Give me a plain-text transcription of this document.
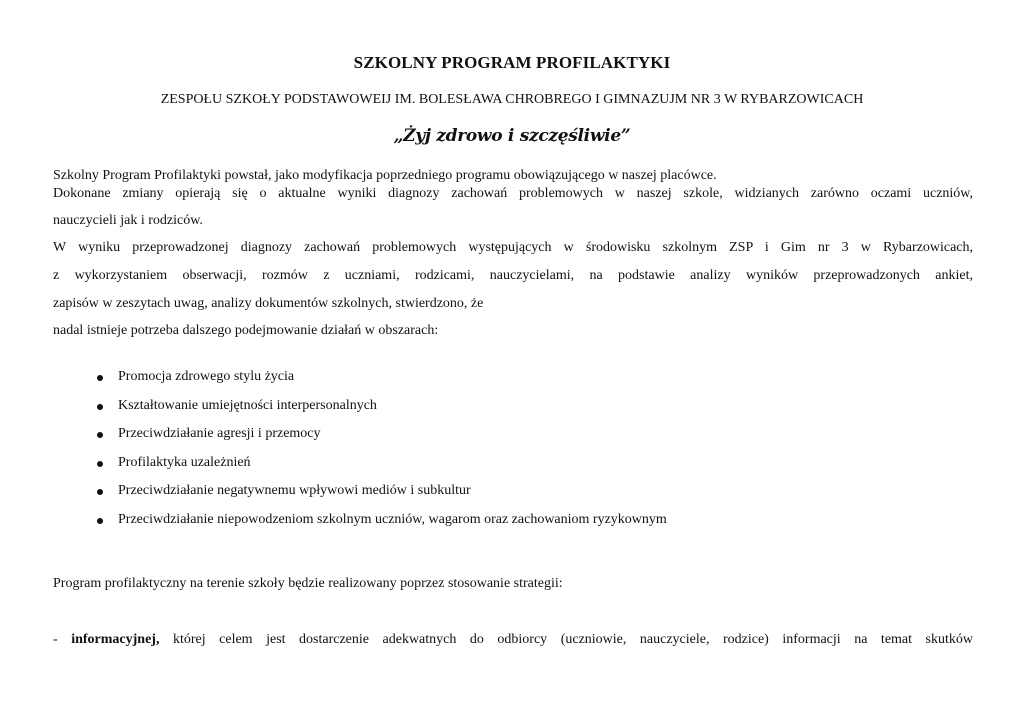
SZKOLNY PROGRAM PROFILAKTYKI
ZESPOŁU SZKOŁY PODSTAWOWEIJ IM. BOLESŁAWA CHROBREGO I GIMNAZUJM NR 3 W RYBARZOWICACH
„Żyj zdrowo i szczęśliwie”
Szkolny Program Profilaktyki powstał, jako modyfikacja poprzedniego programu obowiązującego w naszej placówce.
Dokonane zmiany opierają się o aktualne wyniki diagnozy zachowań problemowych w naszej szkole, widzianych zarówno oczami uczniów,
nauczycieli jak i rodziców.
W wyniku przeprowadzonej diagnozy zachowań problemowych występujących w środowisku szkolnym ZSP i Gim nr 3 w Rybarzowicach,
z wykorzystaniem obserwacji, rozmów z uczniami, rodzicami, nauczycielami, na podstawie analizy wyników przeprowadzonych ankiet,
zapisów w zeszytach uwag, analizy dokumentów szkolnych, stwierdzono, że
nadal istnieje potrzeba dalszego podejmowanie działań w obszarach:
Promocja zdrowego stylu życia
Kształtowanie umiejętności interpersonalnych
Przeciwdziałanie agresji i przemocy
Profilaktyka uzależnień
Przeciwdziałanie negatywnemu wpływowi mediów i subkultur
Przeciwdziałanie niepowodzeniom szkolnym uczniów, wagarom oraz zachowaniom ryzykownym
Program profilaktyczny na terenie szkoły będzie realizowany poprzez stosowanie strategii:
- informacyjnej, której celem jest dostarczenie adekwatnych do odbiorcy (uczniowie, nauczyciele, rodzice) informacji na temat skutków
